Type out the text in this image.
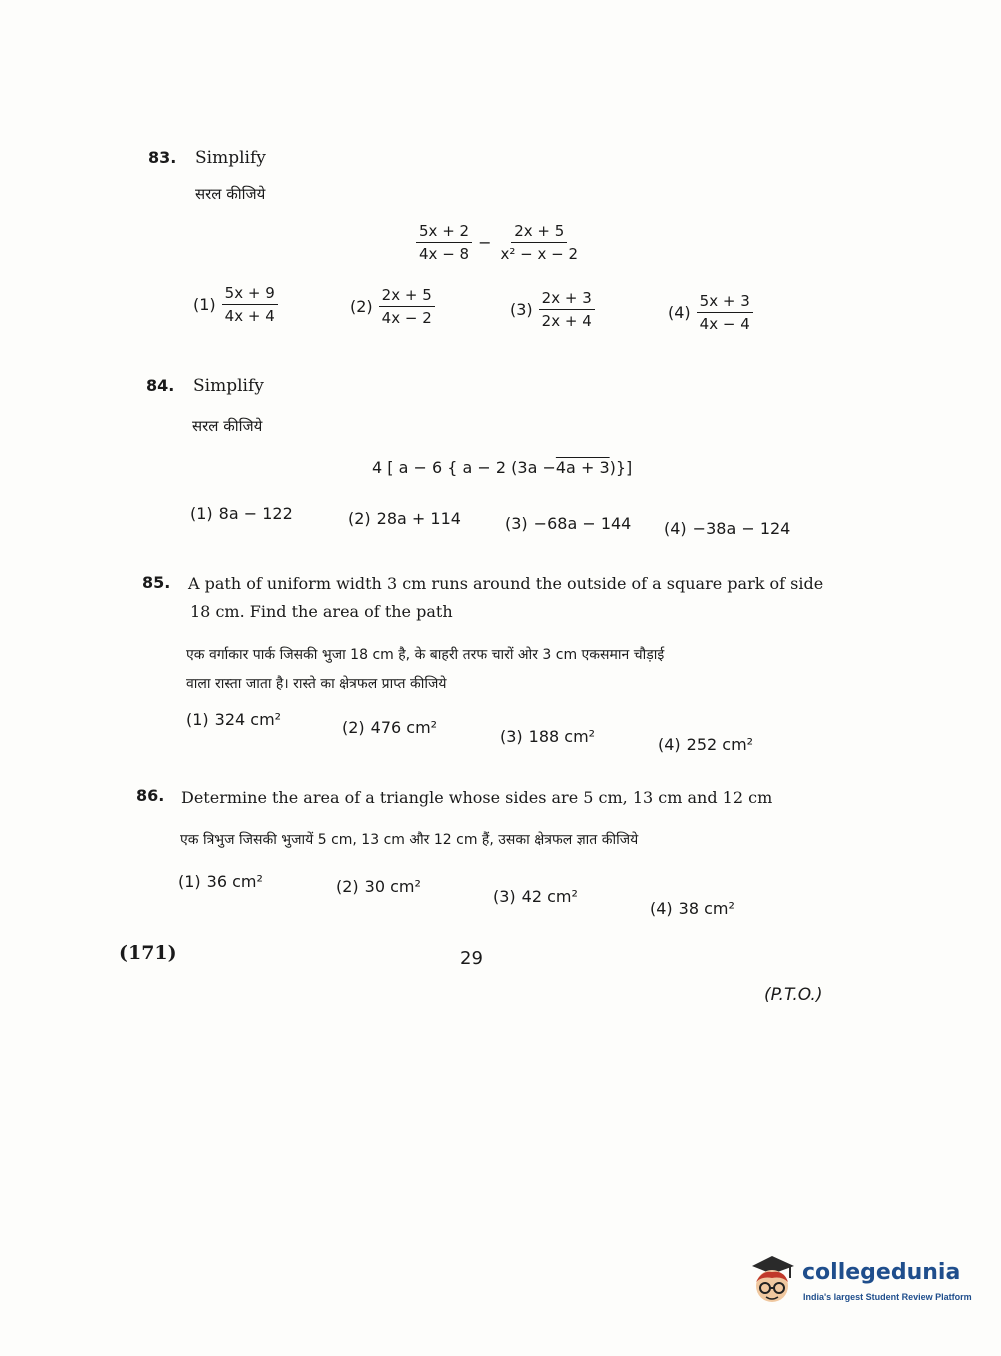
83. Simplify
सरल कीजिये
$\frac{5x + 2}{4x - 8} - \frac{2x + 5}{\text{x² − x − 2}}$
$(1) \frac{5x + 9}{4x + 4}$	$(2) \frac{2x + 5}{4x - 2}$	$(3) \frac{2x + 3}{2x + 4}$	$(4) \frac{5x + 3}{4x - 4}$
84. Simplify
सरल कीजिये
4 [ a − 6 { a − 2 (3a − 4a + 3 )}]
(1) 8a − 122	(2) 28a + 114	(3) −68a − 144 (4) −38a − 124
85. A path of uniform width 3 cm runs around the outside of a square park of side
18 cm. Find the area of the path
एक वर्गाकार पार्क जिसकी भुजा 18 cm है, के बाहरी तरफ चारों ओर 3 cm एकसमान चौड़ाई
वाला रास्ता जाता है। रास्ते का क्षेत्रफल प्राप्त कीजिये
(1) 324 cm²	(2) 476 cm²	(3) 188 cm²	(4) 252 cm²
86. Determine the area of a triangle whose sides are 5 cm, 13 cm and 12 cm
एक त्रिभुज जिसकी भुजायें 5 cm, 13 cm और 12 cm हैं, उसका क्षेत्रफल ज्ञात कीजिये
(1) 36 cm²	(2) 30 cm²
(3) 42 cm²
(4) 38 cm²
(171)	29
(P.T.O.)
collegedunia
India's largest Student Review Platform
